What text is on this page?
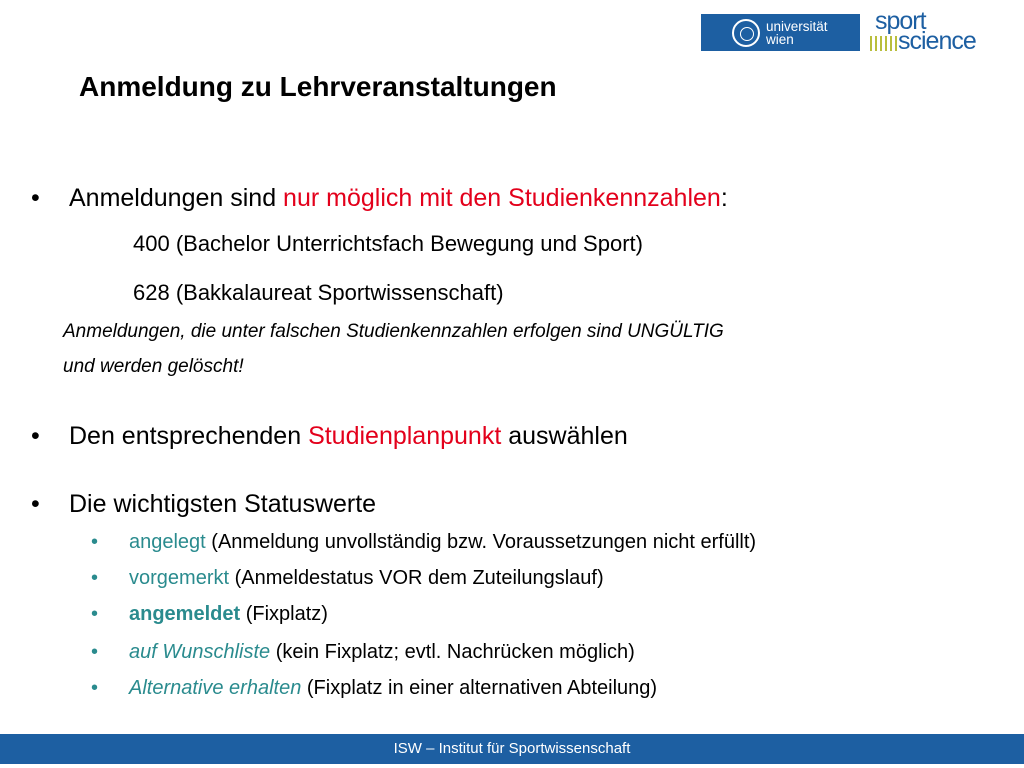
universität
wien
sport
science
Anmeldung zu Lehrveranstaltungen
• Anmeldungen sind nur möglich mit den Studienkennzahlen:
400 (Bachelor Unterrichtsfach Bewegung und Sport)
628 (Bakkalaureat Sportwissenschaft)
Anmeldungen, die unter falschen Studienkennzahlen erfolgen sind UNGÜLTIG
und werden gelöscht!
• Den entsprechenden Studienplanpunkt auswählen
• Die wichtigsten Statuswerte
• angelegt (Anmeldung unvollständig bzw. Voraussetzungen nicht erfüllt)
• vorgemerkt (Anmeldestatus VOR dem Zuteilungslauf)
• angemeldet (Fixplatz)
• auf Wunschliste (kein Fixplatz; evtl. Nachrücken möglich)
• Alternative erhalten (Fixplatz in einer alternativen Abteilung)
ISW – Institut für Sportwissenschaft
